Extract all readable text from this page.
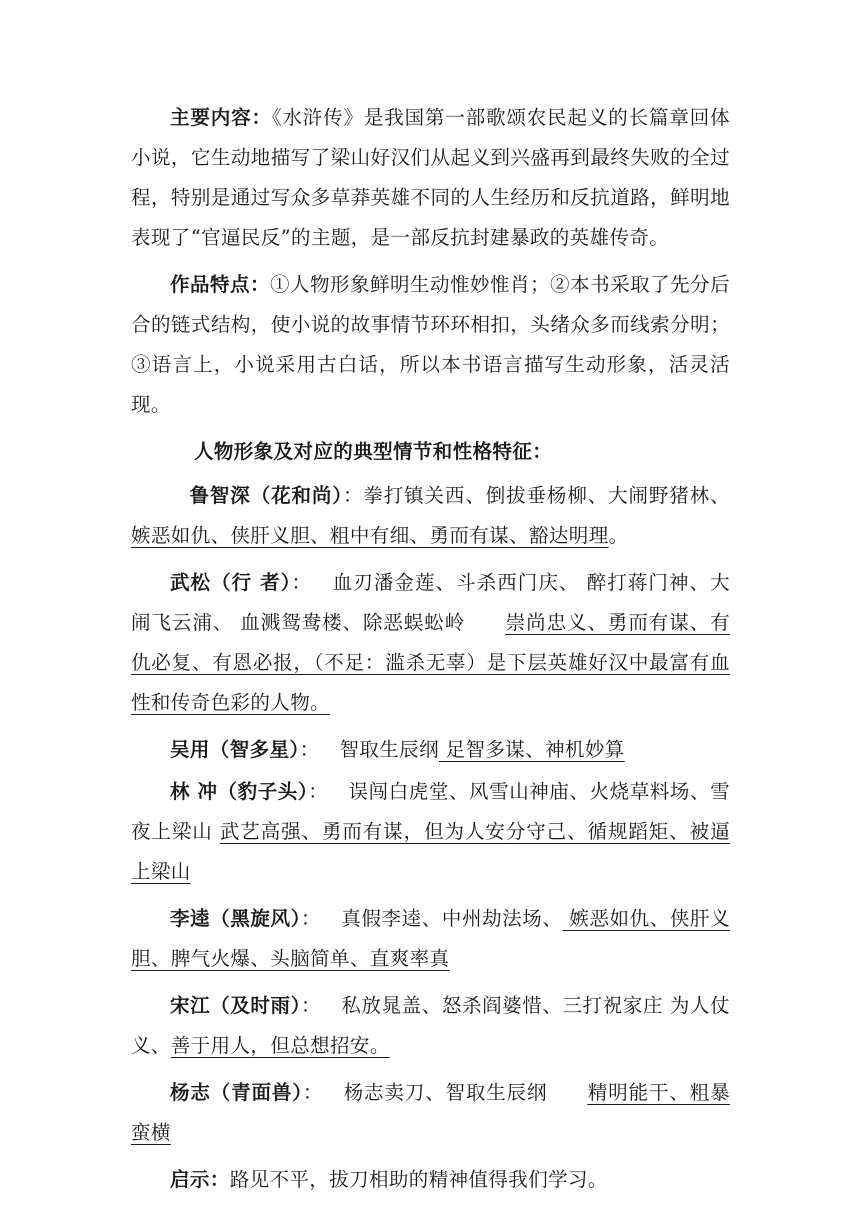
主要内容：《水浒传》是我国第一部歌颂农民起义的长篇章回体小说，它生动地描写了梁山好汉们从起义到兴盛再到最终失败的全过程，特别是通过写众多草莽英雄不同的人生经历和反抗道路，鲜明地表现了“官逼民反”的主题，是一部反抗封建暴政的英雄传奇。

作品特点：①人物形象鲜明生动惟妙惟肖；②本书采取了先分后合的链式结构，使小说的故事情节环环相扣，头绪众多而线索分明；③语言上，小说采用古白话，所以本书语言描写生动形象，活灵活现。

人物形象及对应的典型情节和性格特征：

鲁智深（花和尚）：拳打镇关西、倒拔垂杨柳、大闹野猪林、嫉恶如仇、侠肝义胆、粗中有细、勇而有谋、豁达明理。

武松（行 者）： 血刃潘金莲、斗杀西门庆、 醉打蒋门神、大闹飞云浦、 血溅鸳鸯楼、除恶蜈蚣岭 崇尚忠义、勇而有谋、有仇必复、有恩必报，（不足：滥杀无辜）是下层英雄好汉中最富有血性和传奇色彩的人物。

吴用（智多星）： 智取生辰纲 足智多谋、神机妙算

林 冲（豹子头）： 误闯白虎堂、风雪山神庙、火烧草料场、雪夜上梁山 武艺高强、勇而有谋，但为人安分守己、循规蹈矩、被逼上梁山

李逵（黑旋风）： 真假李逵、中州劫法场、 嫉恶如仇、侠肝义胆、脾气火爆、头脑简单、直爽率真

宋江（及时雨）： 私放晁盖、怒杀阎婆惜、三打祝家庄 为人仗义、善于用人，但总想招安。

杨志（青面兽）： 杨志卖刀、智取生辰纲 精明能干、粗暴蛮横

启示：路见不平，拔刀相助的精神值得我们学习。
